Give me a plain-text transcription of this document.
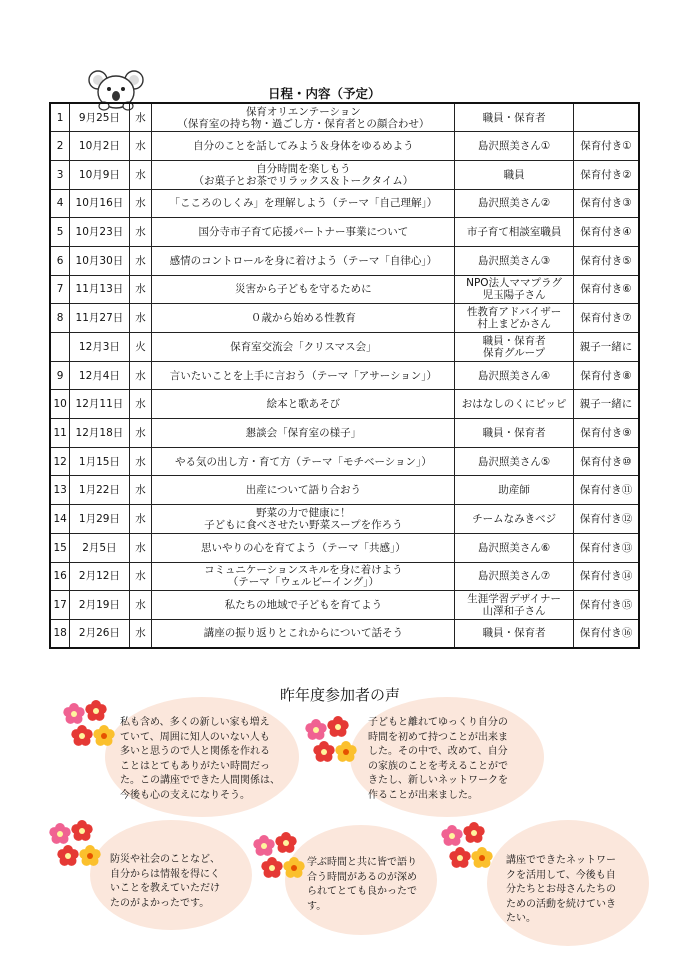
日程・内容（予定）
1	9月25日	水	保育オリエンテーション
（保育室の持ち物・過ごし方・保育者との顔合わせ）	職員・保育者	
2	10月2日	水	自分のことを話してみよう＆身体をゆるめよう	島沢照美さん①	保育付き①
3	10月9日	水	自分時間を楽しもう
（お菓子とお茶でリラックス＆トークタイム）	職員	保育付き②
4	10月16日	水	「こころのしくみ」を理解しよう（テーマ「自己理解」）	島沢照美さん②	保育付き③
5	10月23日	水	国分寺市子育て応援パートナー事業について	市子育て相談室職員	保育付き④
6	10月30日	水	感情のコントロールを身に着けよう（テーマ「自律心」）	島沢照美さん③	保育付き⑤
7	11月13日	水	災害から子どもを守るために	NPO法人ママプラグ
児玉陽子さん	保育付き⑥
8	11月27日	水	０歳から始める性教育	性教育アドバイザー
村上まどかさん	保育付き⑦
	12月3日	火	保育室交流会「クリスマス会」	職員・保育者
保育グループ	親子一緒に
9	12月4日	水	言いたいことを上手に言おう（テーマ「アサーション」）	島沢照美さん④	保育付き⑧
10	12月11日	水	絵本と歌あそび	おはなしのくにピッピ	親子一緒に
11	12月18日	水	懇談会「保育室の様子」	職員・保育者	保育付き⑨
12	1月15日	水	やる気の出し方・育て方（テーマ「モチベーション」）	島沢照美さん⑤	保育付き⑩
13	1月22日	水	出産について語り合おう	助産師	保育付き⑪
14	1月29日	水	野菜の力で健康に！
子どもに食べさせたい野菜スープを作ろう	チームなみきベジ	保育付き⑫
15	2月5日	水	思いやりの心を育てよう（テーマ「共感」）	島沢照美さん⑥	保育付き⑬
16	2月12日	水	コミュニケーションスキルを身に着けよう
（テーマ「ウェルビーイング」）	島沢照美さん⑦	保育付き⑭
17	2月19日	水	私たちの地域で子どもを育てよう	生涯学習デザイナー
山澤和子さん	保育付き⑮
18	2月26日	水	講座の振り返りとこれからについて話そう	職員・保育者	保育付き⑯
昨年度参加者の声
私も含め、多くの新しい家も増え
ていて、周囲に知人のいない人も
多いと思うので人と関係を作れる
ことはとてもありがたい時間だっ
た。この講座でできた人間関係は、
今後も心の支えになりそう。
子どもと離れてゆっくり自分の
時間を初めて持つことが出来ま
した。その中で、改めて、自分
の家族のことを考えることがで
きたし、新しいネットワークを
作ることが出来ました。
防災や社会のことなど、
自分からは情報を得にく
いことを教えていただけ
たのがよかったです。
学ぶ時間と共に皆で語り
合う時間があるのが深め
られてとても良かったで
す。
講座でできたネットワー
クを活用して、今後も自
分たちとお母さんたちの
ための活動を続けていき
たい。
